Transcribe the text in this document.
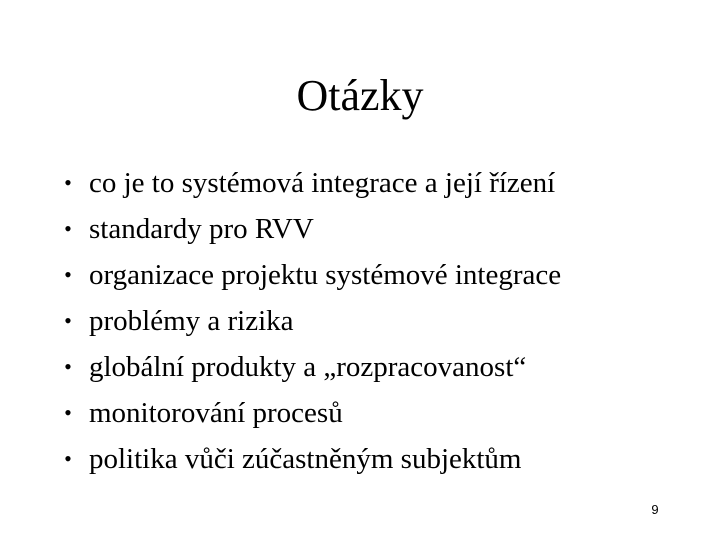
Otázky
• co je to systémová integrace a její řízení
• standardy pro RVV
• organizace projektu systémové integrace
• problémy a rizika
• globální produkty a „rozpracovanost“
• monitorování procesů
• politika vůči zúčastněným subjektům
9
